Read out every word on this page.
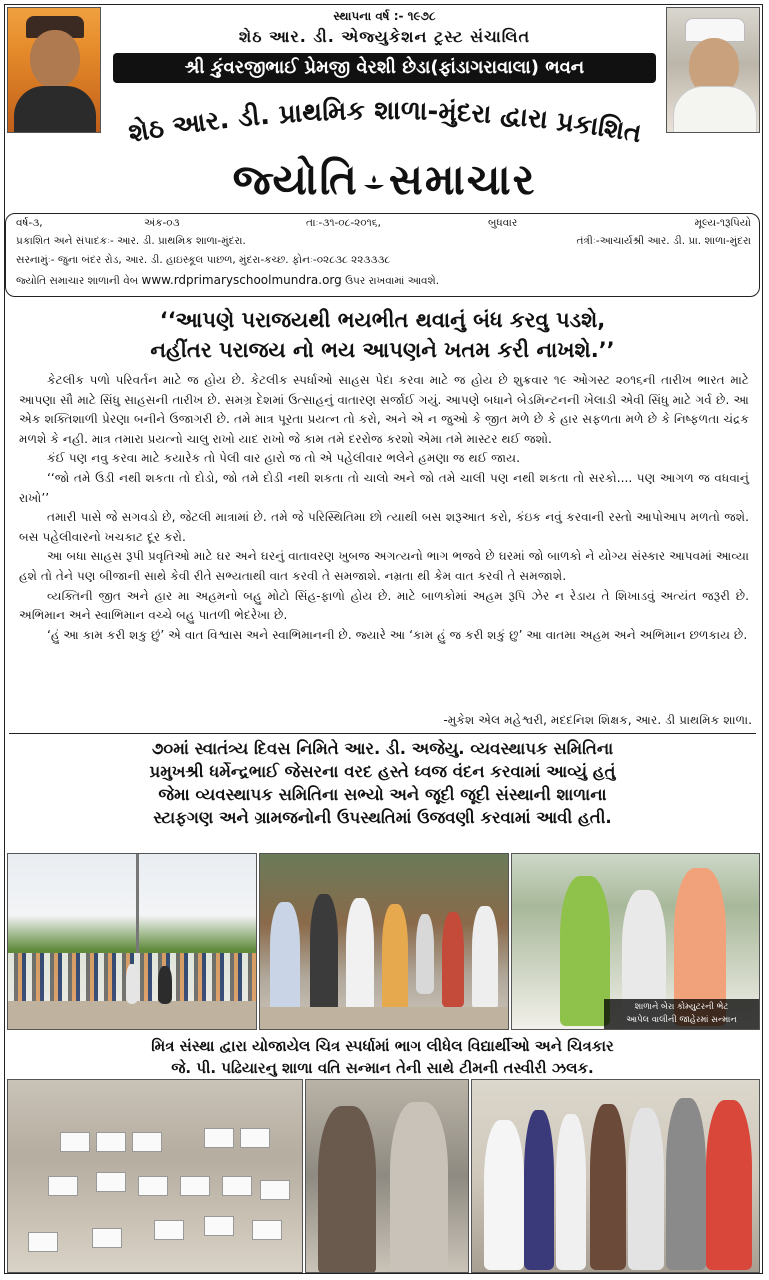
સ્થાપના વર્ષ :- ૧૯૭૮
શેઠ આર. ડી. એજ્યુકેશન ટ્રસ્ટ સંચાલિત
શ્રી કુંવરજીભાઈ પ્રેમજી વેરશી છેડા(ફાંડાગરાવાલા) ભવન
શેઠ આર. ડી. પ્રાથમિક શાળા-મુંદરા દ્વારા પ્રકાશિત
જ્યોતિ સમાચાર
વર્ષ-૩,	અંક-૦૩	તાઃ-૩૧-૦૮-૨૦૧૬,	બુધવાર	મૂલ્ય-૧રૂપિયો
પ્રકાશિત અને સંપાદકઃ- આર. ડી. પ્રાથમિક શાળા-મુંદરા.	તંત્રીઃ-આચાર્યશ્રી આર. ડી. પ્રા. શાળા-મુંદરા
સરનામુંઃ- જુના બંદર રોડ, આર. ડી. હાઇસ્કૂલ પાછળ, મુંદરા-કચ્છ. ફોનઃ-૦૨૮૩૮ ૨૨૩૩૩૮
જ્યોતિ સમાચાર શાળાની વેબ www.rdprimaryschoolmundra.org ઉપર રાખવામાં આવશે.
‘‘આપણે પરાજયથી ભયભીત થવાનું બંધ કરવુ પડશે,
નહીંતર પરાજય નો ભય આપણને ખતમ કરી નાખશે.’’

કેટલીક પળો પરિવર્તન માટે જ હોય છે. કેટલીક સ્પર્ધાઓ સાહસ પેદા કરવા માટે જ હોય છે શુક્રવાર ૧૯ ઓગસ્ટ ૨૦૧૬ની તારીખ ભારત માટે આપણા સૌ માટે સિંધુ સાહસની તારીખ છે. સમગ્ર દેશમાં ઉત્સાહનું વાતારણ સર્જાઈ ગયું. આપણે બધાને બેડમિન્ટનની ખેલાડી એવી સિંધુ માટે ગર્વ છે. આ એક શક્તિશાળી પ્રેરણા બનીને ઉજાગરી છે. તમે માત્ર પૂરતા પ્રયત્ન તો કરો, અને એ ન જુઓ કે જીત મળે છે કે હાર સફળતા મળે છે કે નિષ્ફળતા ચંદ્રક મળશે કે નહી. માત્ર તમારા પ્રયત્નો ચાલુ રાખો યાદ રાખો જે કામ તમે દરરોજ કરશો એમા તમે માસ્ટર થઈ જશો.

કંઈ પણ નવુ કરવા માટે કયારેક તો પેલી વાર હારો જ તો એ પહેલીવાર ભલેને હમણા જ થઈ જાય.

‘‘જો તમે ઉડી નથી શકતા તો દોડો, જો તમે દોડી નથી શકતા તો ચાલો અને જો તમે ચાલી પણ નથી શકતા તો સરકો.... પણ આગળ જ વધવાનું રાખો’’

તમારી પાસે જે સગવડો છે, જેટલી માત્રામાં છે. તમે જે પરિસ્થિતિમા છો ત્યાથી બસ શરૂઆત કરો, કંઇક નવું કરવાની રસ્તો આપોઆપ મળતો જશે. બસ પહેલીવારનો ખચકાટ દૂર કરો.

આ બધા સાહસ રૂપી પ્રવૃતિઓ માટે ઘર અને ઘરનું વાતાવરણ ખુબજ અગત્યનો ભાગ ભજવે છે ઘરમાં જો બાળકો ને યોગ્ય સંસ્કાર આપવમાં આવ્યા હશે તો તેને પણ બીજાની સાથે કેવી રીતે સભ્યતાથી વાત કરવી તે સમજાશે. નમ્રતા થી કેમ વાત કરવી તે સમજાશે.

વ્યક્તિની જીત અને હાર મા અહમનો બહુ મોટો સિંહ-ફાળો હોય છે. માટે બાળકોમાં અહમ રૂપિ ઝેર ન રેડાય તે શિખાડવું અત્યંત જરૂરી છે. અભિમાન અને સ્વાભિમાન વચ્ચે બહુ પાતળી ભેદરેખા છે.

‘હું આ કામ કરી શકુ છું’ એ વાત વિશ્વાસ અને સ્વાભિમાનની છે. જ્યારે આ ‘કામ હું જ કરી શકું છુ’ આ વાતમા અહમ અને અભિમાન છળકાય છે.

-મુકેશ એલ મહેશ્વરી, મદદનિશ શિક્ષક, આર. ડી પ્રાથમિક શાળા.
૭૦માં સ્વાતંત્ર્ય દિવસ નિમિતે આર. ડી. અજેયુ. વ્યવસ્થાપક સમિતિના
પ્રમુખશ્રી ધર્મેન્દ્રભાઈ જેસરના વરદ હસ્તે ધ્વજ વંદન કરવામાં આવ્યું હતું
જેમા વ્યવસ્થાપક સમિતિના સભ્યો અને જૂદી જૂદી સંસ્થાની શાળાના
સ્ટાફગણ અને ગ્રામજનોની ઉપસ્થતિમાં ઉજવણી કરવામાં આવી હતી.
શાળાને બેરા કોમ્યુટરની ભેટ
આપેલ વાલીની જાહેરમાં સન્માન
મિત્ર સંસ્થા દ્વારા યોજાયેલ ચિત્ર સ્પર્ધામાં ભાગ લીધેલ વિદ્યાર્થીઓ અને ચિત્રકાર
જે. પી. પઢિયારનુ શાળા વતિ સન્માન તેની સાથે ટીમની તસ્વીરી ઝલક.
